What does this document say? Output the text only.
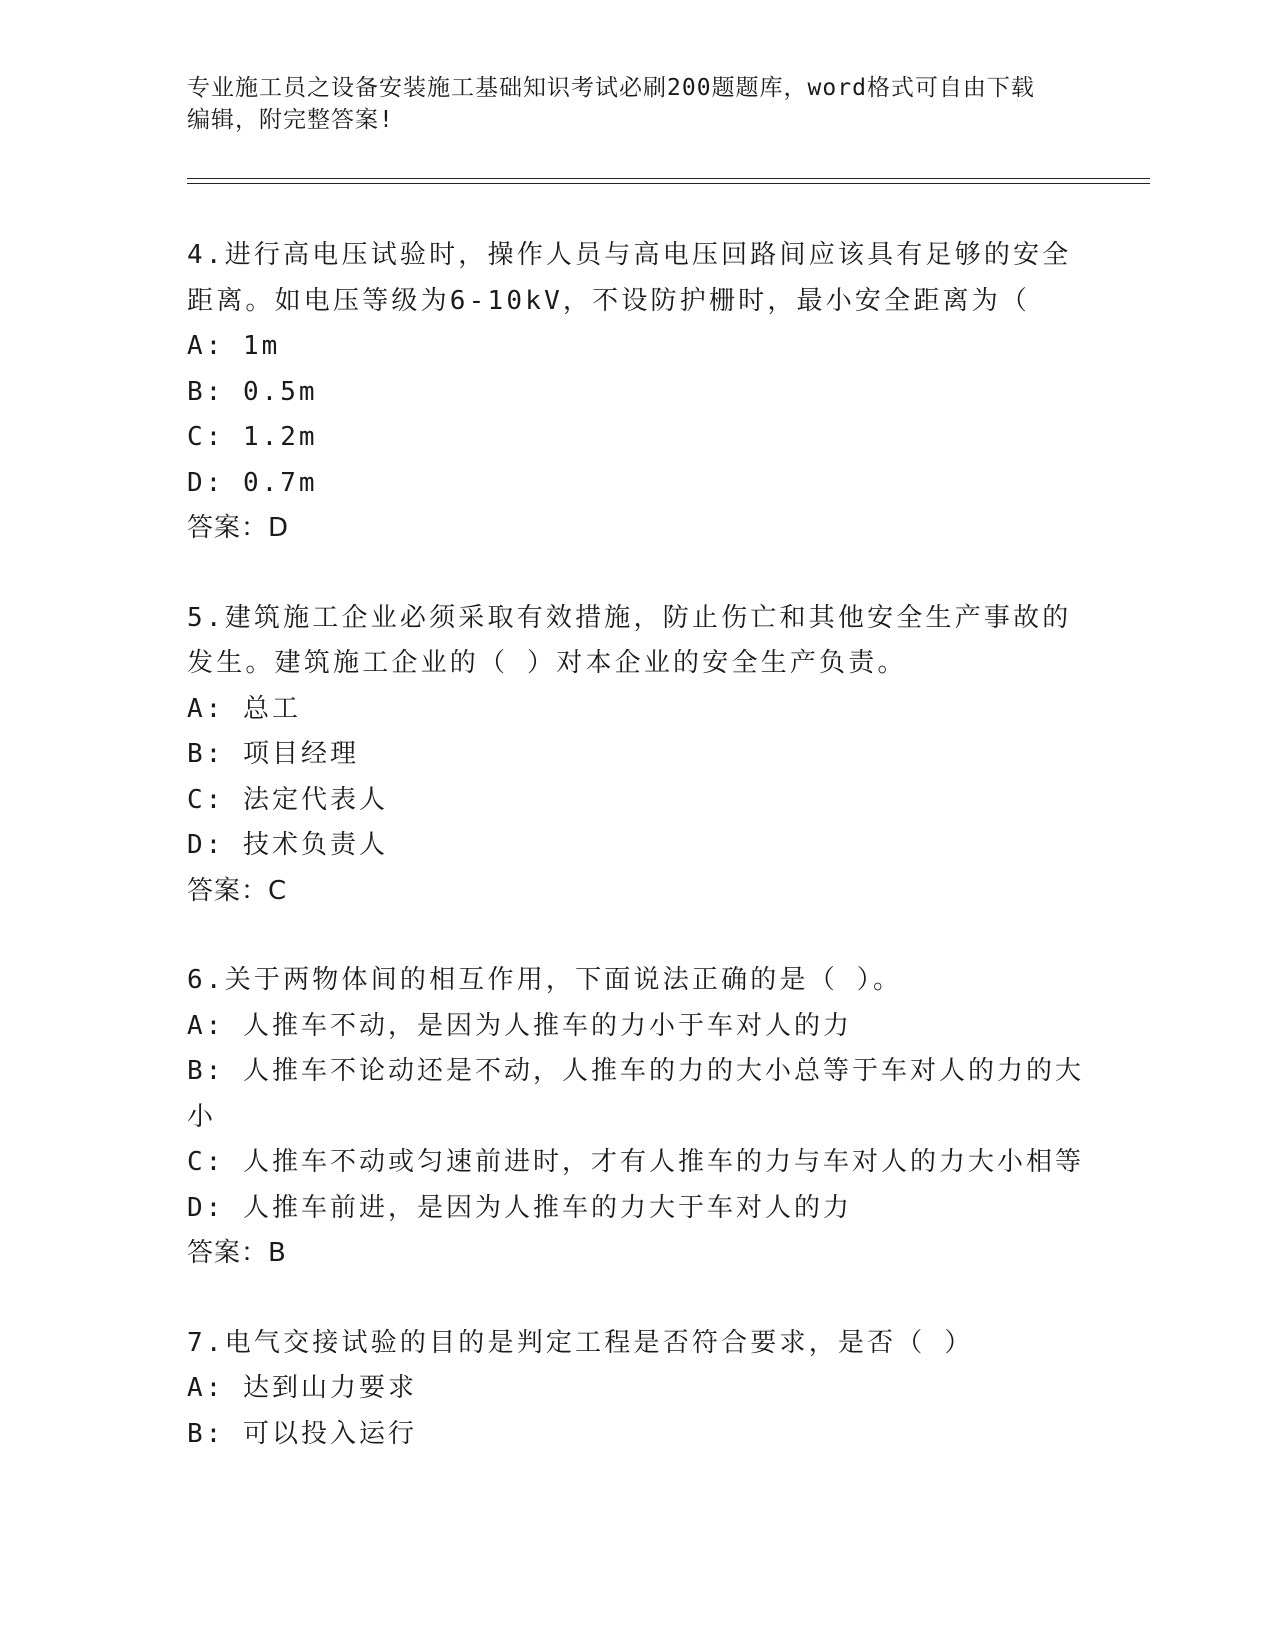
专业施工员之设备安装施工基础知识考试必刷200题题库，word格式可自由下载
编辑，附完整答案!
4.进行高电压试验时，操作人员与高电压回路间应该具有足够的安全
距离。如电压等级为6-10kV，不设防护栅时，最小安全距离为（
A: 1m
B: 0.5m
C: 1.2m
D: 0.7m
答案：D
5.建筑施工企业必须采取有效措施，防止伤亡和其他安全生产事故的
发生。建筑施工企业的（ ）对本企业的安全生产负责。
A: 总工
B: 项目经理
C: 法定代表人
D: 技术负责人
答案：C
6.关于两物体间的相互作用，下面说法正确的是（ ）。
A: 人推车不动，是因为人推车的力小于车对人的力
B: 人推车不论动还是不动，人推车的力的大小总等于车对人的力的大
小
C: 人推车不动或匀速前进时，才有人推车的力与车对人的力大小相等
D: 人推车前进，是因为人推车的力大于车对人的力
答案：B
7.电气交接试验的目的是判定工程是否符合要求，是否（ ）
A: 达到山力要求
B: 可以投入运行
